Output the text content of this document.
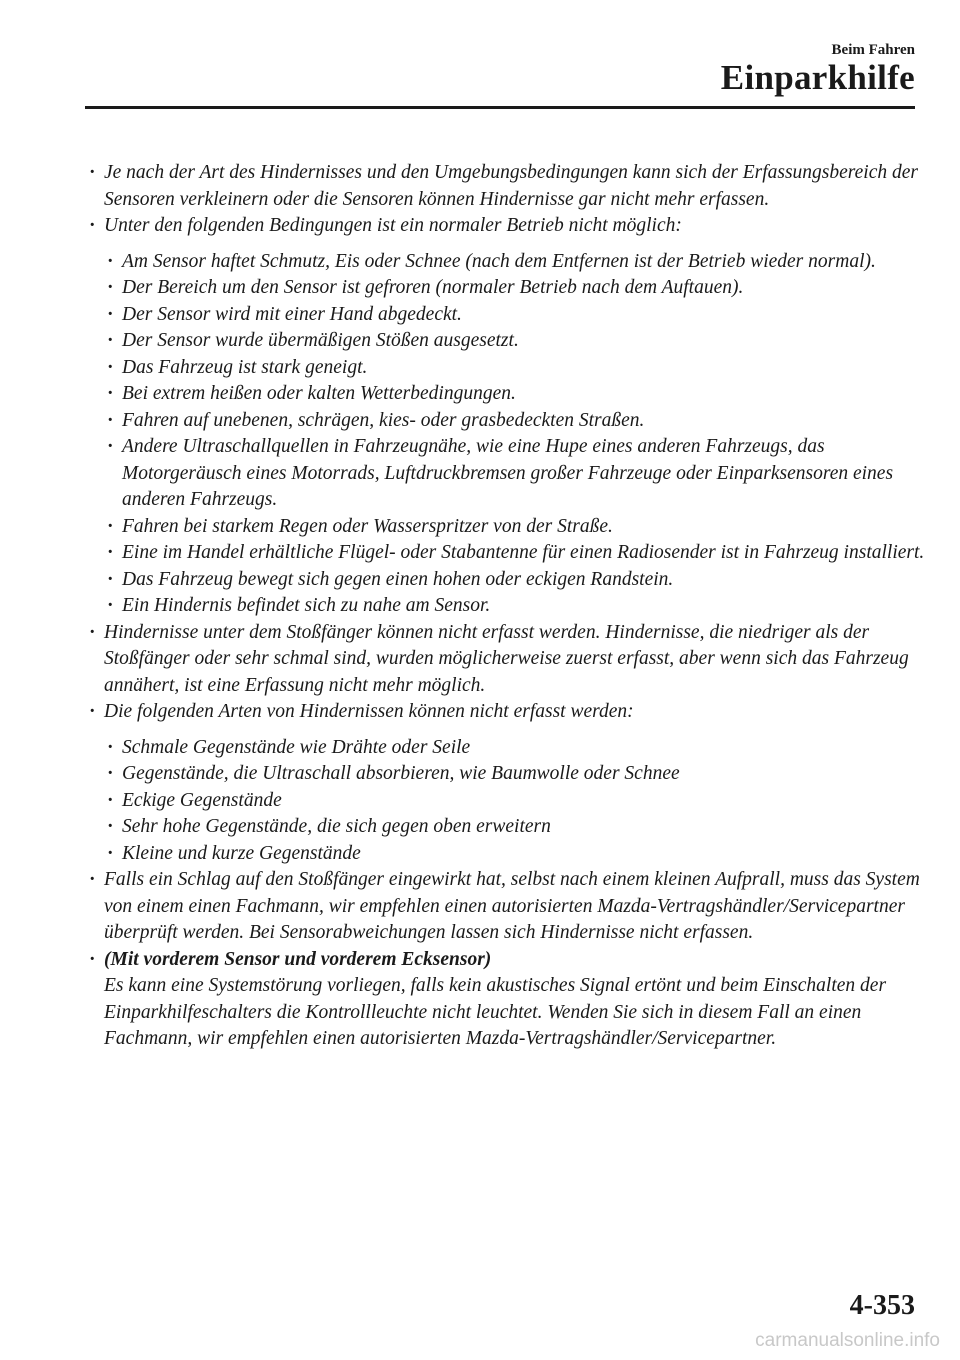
Beim Fahren
Einparkhilfe
· Je nach der Art des Hindernisses und den Umgebungsbedingungen kann sich der Erfassungsbereich der Sensoren verkleinern oder die Sensoren können Hindernisse gar nicht mehr erfassen.
· Unter den folgenden Bedingungen ist ein normaler Betrieb nicht möglich:
· Am Sensor haftet Schmutz, Eis oder Schnee (nach dem Entfernen ist der Betrieb wieder normal).
· Der Bereich um den Sensor ist gefroren (normaler Betrieb nach dem Auftauen).
· Der Sensor wird mit einer Hand abgedeckt.
· Der Sensor wurde übermäßigen Stößen ausgesetzt.
· Das Fahrzeug ist stark geneigt.
· Bei extrem heißen oder kalten Wetterbedingungen.
· Fahren auf unebenen, schrägen, kies- oder grasbedeckten Straßen.
· Andere Ultraschallquellen in Fahrzeugnähe, wie eine Hupe eines anderen Fahrzeugs, das Motorgeräusch eines Motorrads, Luftdruckbremsen großer Fahrzeuge oder Einparksensoren eines anderen Fahrzeugs.
· Fahren bei starkem Regen oder Wasserspritzer von der Straße.
· Eine im Handel erhältliche Flügel- oder Stabantenne für einen Radiosender ist in Fahrzeug installiert.
· Das Fahrzeug bewegt sich gegen einen hohen oder eckigen Randstein.
· Ein Hindernis befindet sich zu nahe am Sensor.
· Hindernisse unter dem Stoßfänger können nicht erfasst werden. Hindernisse, die niedriger als der Stoßfänger oder sehr schmal sind, wurden möglicherweise zuerst erfasst, aber wenn sich das Fahrzeug annähert, ist eine Erfassung nicht mehr möglich.
· Die folgenden Arten von Hindernissen können nicht erfasst werden:
· Schmale Gegenstände wie Drähte oder Seile
· Gegenstände, die Ultraschall absorbieren, wie Baumwolle oder Schnee
· Eckige Gegenstände
· Sehr hohe Gegenstände, die sich gegen oben erweitern
· Kleine und kurze Gegenstände
· Falls ein Schlag auf den Stoßfänger eingewirkt hat, selbst nach einem kleinen Aufprall, muss das System von einem einen Fachmann, wir empfehlen einen autorisierten Mazda-Vertragshändler/Servicepartner überprüft werden. Bei Sensorabweichungen lassen sich Hindernisse nicht erfassen.
· (Mit vorderem Sensor und vorderem Ecksensor)
Es kann eine Systemstörung vorliegen, falls kein akustisches Signal ertönt und beim Einschalten der Einparkhilfeschalters die Kontrollleuchte nicht leuchtet. Wenden Sie sich in diesem Fall an einen Fachmann, wir empfehlen einen autorisierten Mazda-Vertragshändler/Servicepartner.
4-353
carmanualsonline.info
